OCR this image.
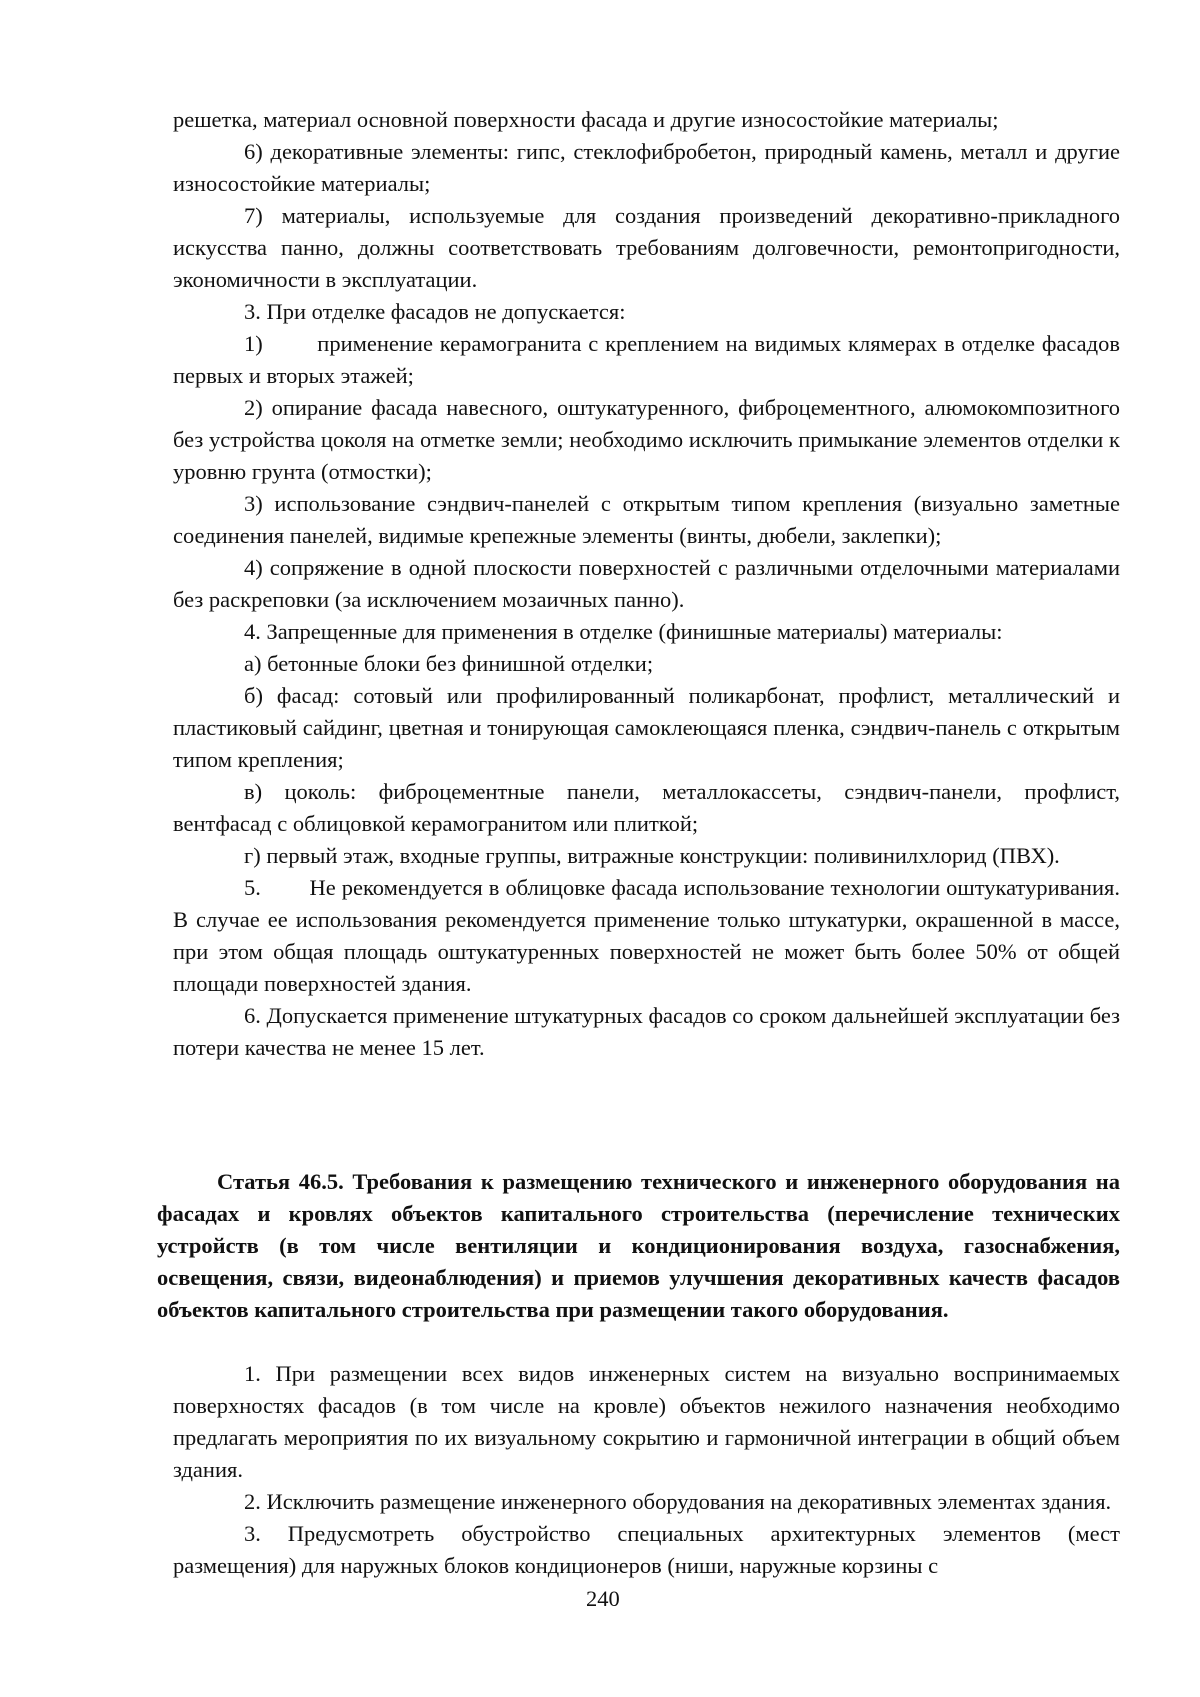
решетка, материал основной поверхности фасада и другие износостойкие материалы;

6) декоративные элементы: гипс, стеклофибробетон, природный камень, металл и другие износостойкие материалы;

7) материалы, используемые для создания произведений декоративно-прикладного искусства панно, должны соответствовать требованиям долговечности, ремонтопригодности, экономичности в эксплуатации.

3. При отделке фасадов не допускается:

1)        применение керамогранита с креплением на видимых клямерах в отделке фасадов первых и вторых этажей;

2) опирание фасада навесного, оштукатуренного, фиброцементного, алюмокомпозитного без устройства цоколя на отметке земли; необходимо исключить примыкание элементов отделки к уровню грунта (отмостки);

3) использование сэндвич-панелей с открытым типом крепления (визуально заметные соединения панелей, видимые крепежные элементы (винты, дюбели, заклепки);

4) сопряжение в одной плоскости поверхностей с различными отделочными материалами без раскреповки (за исключением мозаичных панно).

4. Запрещенные для применения в отделке (финишные материалы) материалы:

а) бетонные блоки без финишной отделки;

б) фасад: сотовый или профилированный поликарбонат, профлист, металлический и пластиковый сайдинг, цветная и тонирующая самоклеющаяся пленка, сэндвич-панель с открытым типом крепления;

в) цоколь: фиброцементные панели, металлокассеты, сэндвич-панели, профлист, вентфасад с облицовкой керамогранитом или плиткой;

г) первый этаж, входные группы, витражные конструкции: поливинилхлорид (ПВХ).

5.        Не рекомендуется в облицовке фасада использование технологии оштукатуривания. В случае ее использования рекомендуется применение только штукатурки, окрашенной в массе, при этом общая площадь оштукатуренных поверхностей не может быть более 50% от общей площади поверхностей здания.

6. Допускается применение штукатурных фасадов со сроком дальнейшей эксплуатации без потери качества не менее 15 лет.

Статья 46.5. Требования к размещению технического и инженерного оборудования на фасадах и кровлях объектов капитального строительства (перечисление технических устройств (в том числе вентиляции и кондиционирования воздуха, газоснабжения, освещения, связи, видеонаблюдения) и приемов улучшения декоративных качеств фасадов объектов капитального строительства при размещении такого оборудования.

1. При размещении всех видов инженерных систем на визуально воспринимаемых поверхностях фасадов (в том числе на кровле) объектов нежилого назначения необходимо предлагать мероприятия по их визуальному сокрытию и гармоничной интеграции в общий объем здания.

2. Исключить размещение инженерного оборудования на декоративных элементах здания.

3. Предусмотреть обустройство специальных архитектурных элементов (мест размещения) для наружных блоков кондиционеров (ниши, наружные корзины с

240
